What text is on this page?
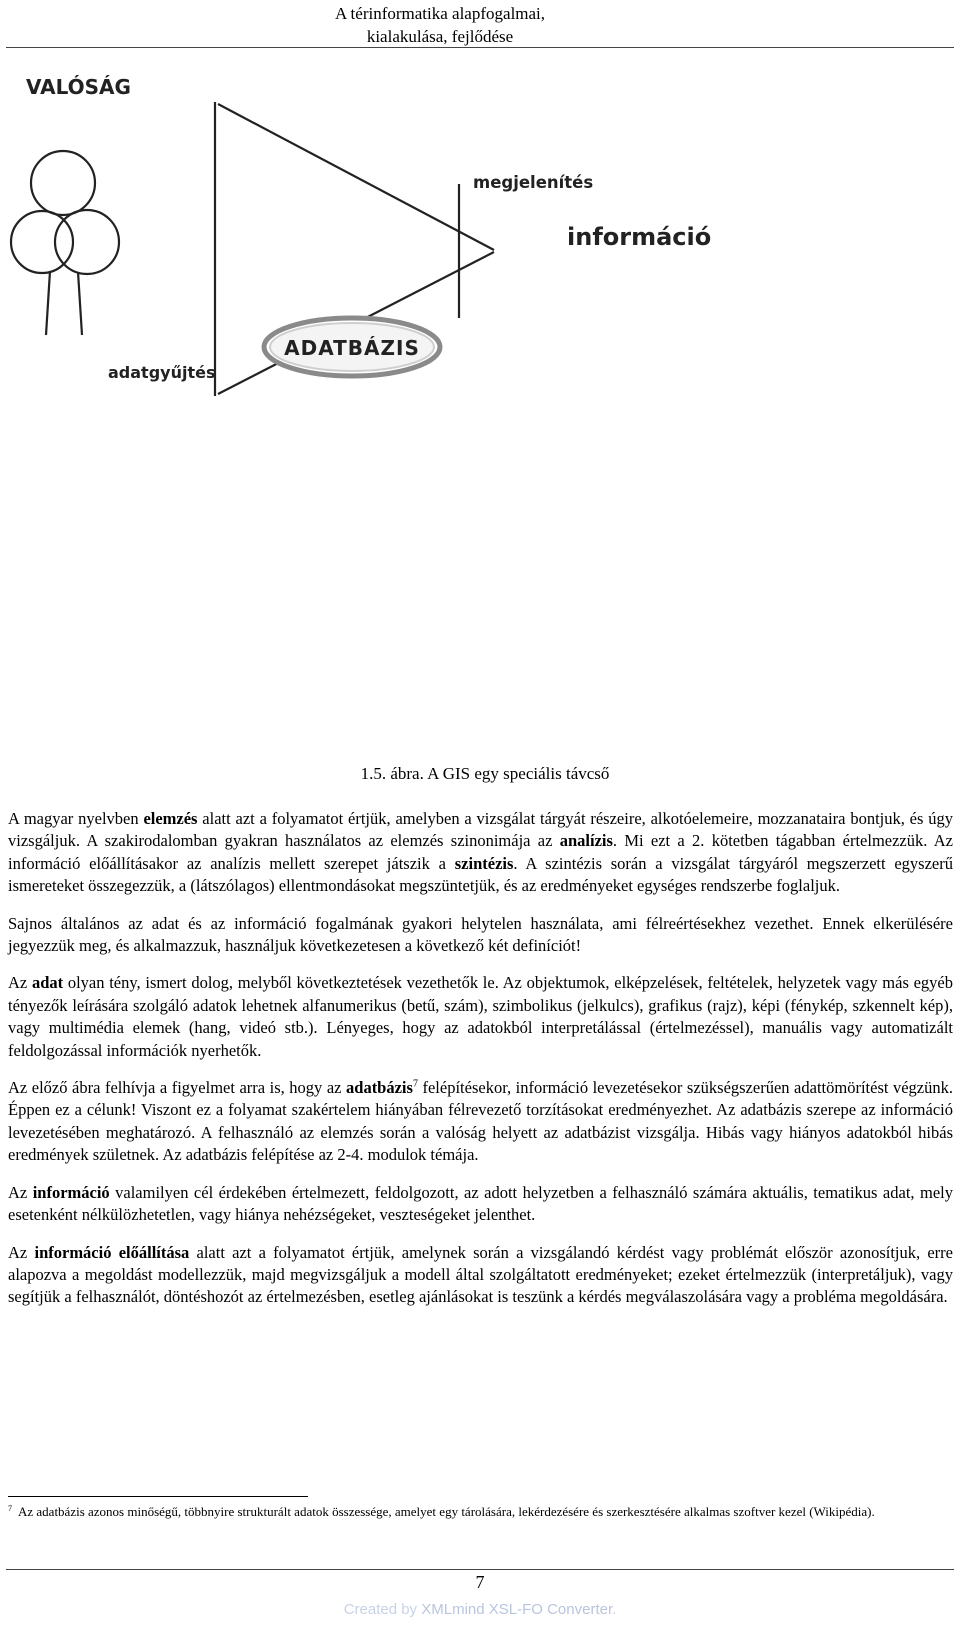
A térinformatika alapfogalmai,
kialakulása, fejlődése
VALÓSÁG
ADATBÁZIS
megjelenítés
információ
adatgyűjtés
1.5. ábra. A GIS egy speciális távcső

A magyar nyelvben elemzés alatt azt a folyamatot értjük, amelyben a vizsgálat tárgyát részeire, alkotóelemeire, mozzanataira bontjuk, és úgy vizsgáljuk. A szakirodalomban gyakran használatos az elemzés szinonimája az analízis. Mi ezt a 2. kötetben tágabban értelmezzük. Az információ előállításakor az analízis mellett szerepet játszik a szintézis. A szintézis során a vizsgálat tárgyáról megszerzett egyszerű ismereteket összegezzük, a (látszólagos) ellentmondásokat megszüntetjük, és az eredményeket egységes rendszerbe foglaljuk.

Sajnos általános az adat és az információ fogalmának gyakori helytelen használata, ami félreértésekhez vezethet. Ennek elkerülésére jegyezzük meg, és alkalmazzuk, használjuk következetesen a következő két definíciót!

Az adat olyan tény, ismert dolog, melyből következtetések vezethetők le. Az objektumok, elképzelések, feltételek, helyzetek vagy más egyéb tényezők leírására szolgáló adatok lehetnek alfanumerikus (betű, szám), szimbolikus (jelkulcs), grafikus (rajz), képi (fénykép, szkennelt kép), vagy multimédia elemek (hang, videó stb.). Lényeges, hogy az adatokból interpretálással (értelmezéssel), manuális vagy automatizált feldolgozással információk nyerhetők.

Az előző ábra felhívja a figyelmet arra is, hogy az adatbázis$^7$ felépítésekor, információ levezetésekor szükségszerűen adattömörítést végzünk. Éppen ez a célunk! Viszont ez a folyamat szakértelem hiányában félrevezető torzításokat eredményezhet. Az adatbázis szerepe az információ levezetésében meghatározó. A felhasználó az elemzés során a valóság helyett az adatbázist vizsgálja. Hibás vagy hiányos adatokból hibás eredmények születnek. Az adatbázis felépítése az 2-4. modulok témája.

Az információ valamilyen cél érdekében értelmezett, feldolgozott, az adott helyzetben a felhasználó számára aktuális, tematikus adat, mely esetenként nélkülözhetetlen, vagy hiánya nehézségeket, veszteségeket jelenthet.

Az információ előállítása alatt azt a folyamatot értjük, amelynek során a vizsgálandó kérdést vagy problémát először azonosítjuk, erre alapozva a megoldást modellezzük, majd megvizsgáljuk a modell által szolgáltatott eredményeket; ezeket értelmezzük (interpretáljuk), vagy segítjük a felhasználót, döntéshozót az értelmezésben, esetleg ajánlásokat is teszünk a kérdés megválaszolására vagy a probléma megoldására.

$^7$ Az adatbázis azonos minőségű, többnyire strukturált adatok összessége, amelyet egy tárolására, lekérdezésére és szerkesztésére alkalmas szoftver kezel (Wikipédia).
7
Created by XMLmind XSL-FO Converter.
